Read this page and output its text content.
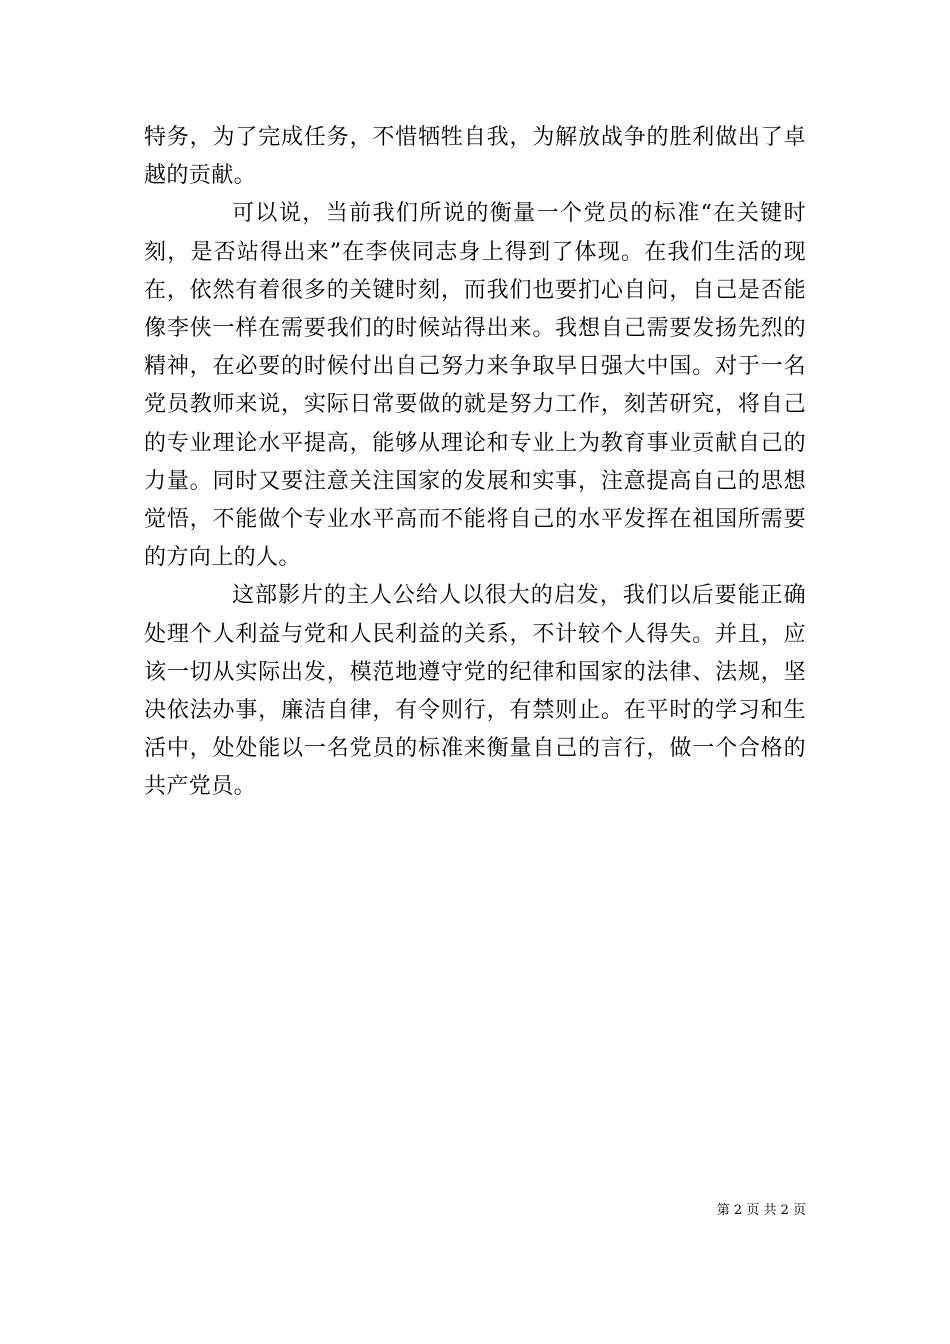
特务，为了完成任务，不惜牺牲自我，为解放战争的胜利做出了卓越的贡献。

可以说，当前我们所说的衡量一个党员的标准“在关键时刻，是否站得出来”在李侠同志身上得到了体现。在我们生活的现在，依然有着很多的关键时刻，而我们也要扪心自问，自己是否能像李侠一样在需要我们的时候站得出来。我想自己需要发扬先烈的精神，在必要的时候付出自己努力来争取早日强大中国。对于一名党员教师来说，实际日常要做的就是努力工作，刻苦研究，将自己的专业理论水平提高，能够从理论和专业上为教育事业贡献自己的力量。同时又要注意关注国家的发展和实事，注意提高自己的思想觉悟，不能做个专业水平高而不能将自己的水平发挥在祖国所需要的方向上的人。

这部影片的主人公给人以很大的启发，我们以后要能正确处理个人利益与党和人民利益的关系，不计较个人得失。并且，应该一切从实际出发，模范地遵守党的纪律和国家的法律、法规，坚决依法办事，廉洁自律，有令则行，有禁则止。在平时的学习和生活中，处处能以一名党员的标准来衡量自己的言行，做一个合格的共产党员。

第 2 页 共 2 页
